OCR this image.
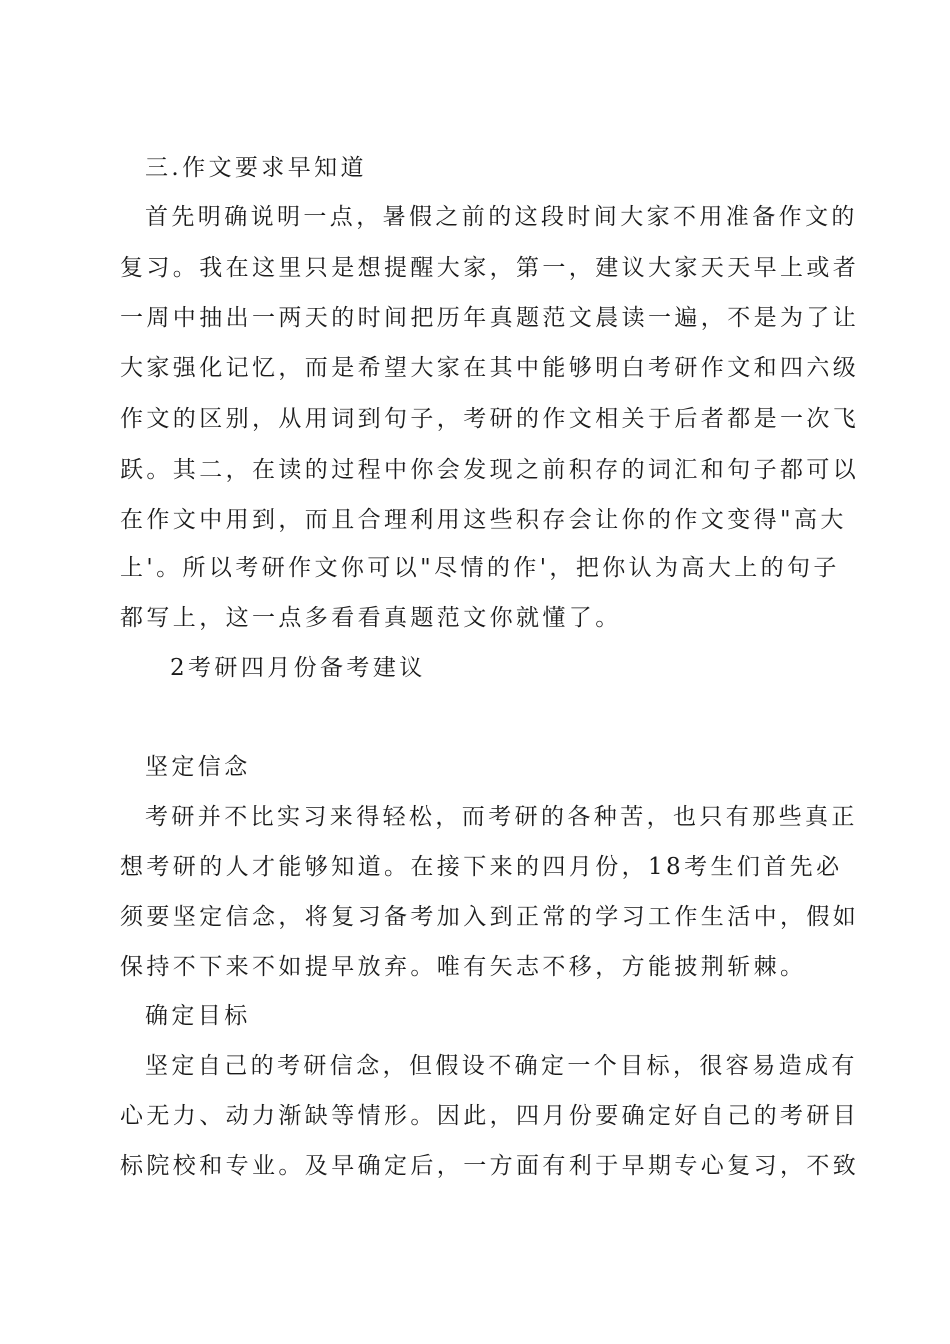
三.作文要求早知道
首先明确说明一点，暑假之前的这段时间大家不用准备作文的
复习。我在这里只是想提醒大家，第一，建议大家天天早上或者
一周中抽出一两天的时间把历年真题范文晨读一遍，不是为了让
大家强化记忆，而是希望大家在其中能够明白考研作文和四六级
作文的区别，从用词到句子，考研的作文相关于后者都是一次飞
跃。其二，在读的过程中你会发现之前积存的词汇和句子都可以
在作文中用到，而且合理利用这些积存会让你的作文变得"高大
上'。所以考研作文你可以"尽情的作'，把你认为高大上的句子
都写上，这一点多看看真题范文你就懂了。
2考研四月份备考建议
坚定信念
考研并不比实习来得轻松，而考研的各种苦，也只有那些真正
想考研的人才能够知道。在接下来的四月份，18考生们首先必
须要坚定信念，将复习备考加入到正常的学习工作生活中，假如
保持不下来不如提早放弃。唯有矢志不移，方能披荆斩棘。
确定目标
坚定自己的考研信念，但假设不确定一个目标，很容易造成有
心无力、动力渐缺等情形。因此，四月份要确定好自己的考研目
标院校和专业。及早确定后，一方面有利于早期专心复习，不致
